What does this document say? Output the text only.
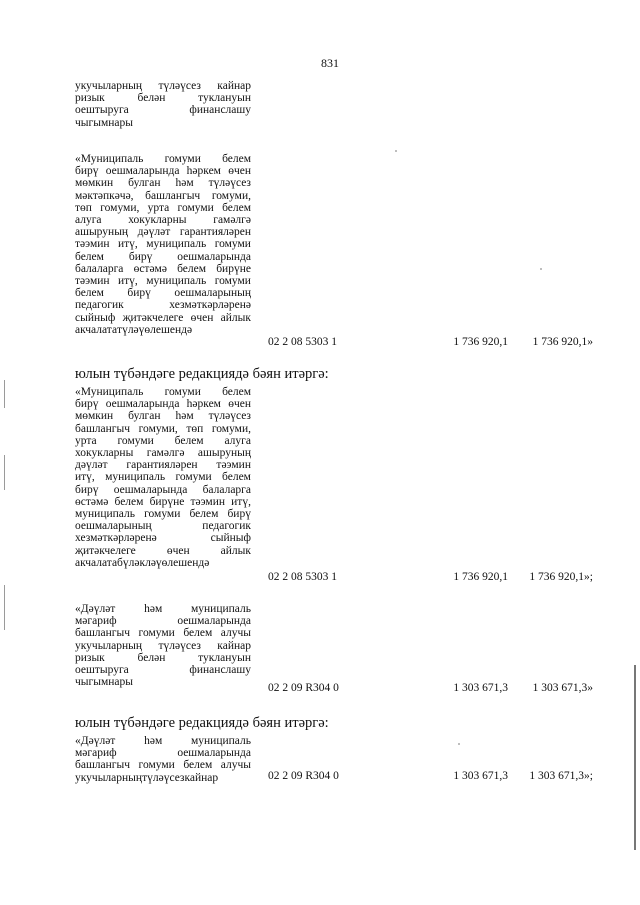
831
укучыларның түләүсез кайнар
ризык	белән	туклануын
оештыруга	финанслашу
чыгымнары
«Муниципаль гомуми белем
бирү оешмаларында һәркем өчен
мөмкин булган һәм түләүсез
мәктәпкәчә, башлангыч гомуми,
төп гомуми, урта гомуми белем
алуга хокукларны гамәлгә
ашыруның дәүләт гарантияләрен
тәэмин итү, муниципаль гомуми
белем бирү оешмаларында
балаларга өстәмә белем бирүне
тәэмин итү, муниципаль гомуми
белем бирү оешмаларының
педагогик	хезмәткәрләренә
сыйныф җитәкчелеге өчен айлык
акчалата түләү өлешендә
02 2 08 5303 1	1 736 920,1	1 736 920,1»
юлын түбәндәге редакциядә бәян итәргә:
«Муниципаль гомуми белем
бирү оешмаларында һәркем өчен
мөмкин булган һәм түләүсез
башлангыч гомуми, төп гомуми,
урта гомуми белем алуга
хокукларны гамәлгә ашыруның
дәүләт гарантияләрен тәэмин
итү, муниципаль гомуми белем
бирү оешмаларында балаларга
өстәмә белем бирүне тәэмин итү,
муниципаль гомуми белем бирү
оешмаларының	педагогик
хезмәткәрләренә	сыйныф
җитәкчелеге	өчен	айлык
акчалата бүләкләү өлешендә
02 2 08 5303 1	1 736 920,1	1 736 920,1»;
«Дәүләт	һәм	муниципаль
мәгариф	оешмаларында
башлангыч гомуми белем алучы
укучыларның түләүсез кайнар
ризык	белән	туклануын
оештыруга	финанслашу
чыгымнары	02 2 09 R304 0	1 303 671,3	1 303 671,3»
юлын түбәндәге редакциядә бәян итәргә:
«Дәүләт	һәм	муниципаль
мәгариф	оешмаларында
башлангыч гомуми белем алучы
укучыларның түләүсез кайнар	02 2 09 R304 0	1 303 671,3	1 303 671,3»;
